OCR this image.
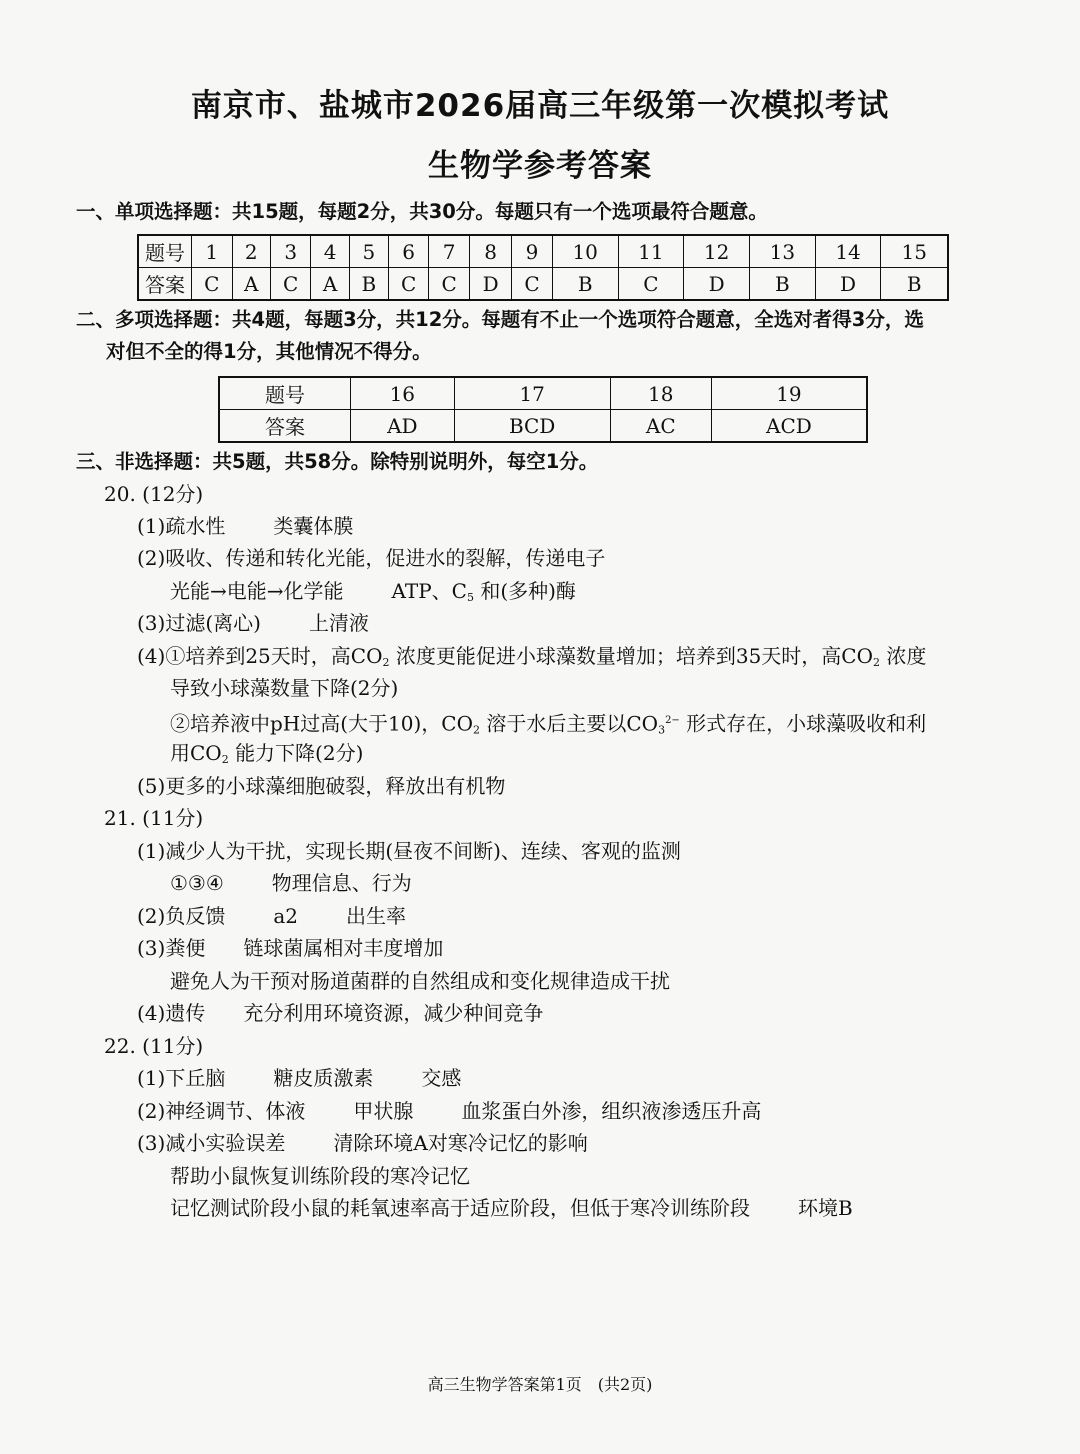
南京市、盐城市2026届高三年级第一次模拟考试
生物学参考答案
一、单项选择题：共15题，每题2分，共30分。每题只有一个选项最符合题意。
题号	1	2	3	4	5	6	7	8	9	10	11	12	13	14	15
答案	C	A	C	A	B	C	C	D	C	B	C	D	B	D	B
二、多项选择题：共4题，每题3分，共12分。每题有不止一个选项符合题意，全选对者得3分，选
对但不全的得1分，其他情况不得分。
题号	16	17	18	19
答案	AD	BCD	AC	ACD
三、非选择题：共5题，共58分。除特别说明外，每空1分。
20. (12分)
(1)疏水性 类囊体膜
(2)吸收、传递和转化光能，促进水的裂解，传递电子
光能→电能→化学能 ATP、$C_5$ 和(多种)酶
(3)过滤(离心) 上清液
(4)①培养到25天时，高$CO_2$ 浓度更能促进小球藻数量增加；培养到35天时，高$CO_2$ 浓度
导致小球藻数量下降(2分)
②培养液中pH过高(大于10)，$CO_2$ 溶于水后主要以$CO_3^{2-}$ 形式存在，小球藻吸收和利
用$CO_2$ 能力下降(2分)
(5)更多的小球藻细胞破裂，释放出有机物
21. (11分)
(1)减少人为干扰，实现长期(昼夜不间断)、连续、客观的监测
①③④ 物理信息、行为
(2)负反馈 a2 出生率
(3)粪便 链球菌属相对丰度增加
避免人为干预对肠道菌群的自然组成和变化规律造成干扰
(4)遗传 充分利用环境资源，减少种间竞争
22. (11分)
(1)下丘脑 糖皮质激素 交感
(2)神经调节、体液 甲状腺 血浆蛋白外渗，组织液渗透压升高
(3)减小实验误差 清除环境A对寒冷记忆的影响
帮助小鼠恢复训练阶段的寒冷记忆
记忆测试阶段小鼠的耗氧速率高于适应阶段，但低于寒冷训练阶段 环境B
高三生物学答案第1页　(共2页)
